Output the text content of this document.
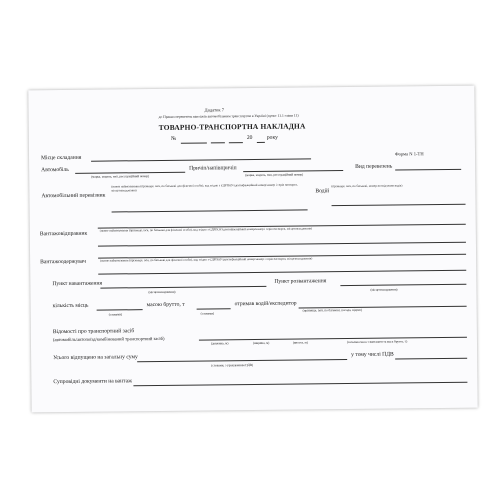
Додаток 7
до Правил перевезень вантажів автомобільним транспортом в Україні (пункт 11.1 глави 11)
ТОВАРНО-ТРАНСПОРТНА НАКЛАДНА
№	20	року
Місце складання
Форма N 1-ТН
Автомобіль
(марка, модель, тип, реєстраційний номер)
Причіп/напівпричіп
(марка, модель, тип, реєстраційний номер)
Вид перевезень
Автомобільний перевізник
(повне найменування (прізвище, ім'я, по батькові для фізичної особи), код згідно з ЄДРПОУ/ідентифікаційний номер/номер і серія паспорта, місцезнаходження)	Водій
(прізвище, ім'я, по батькові, номер посвідчення водія)
Вантажовідправник
(повне найменування (прізвище, ім'я, по батькові для фізичної особи), код згідно з ЄДРПОУ/ідентифікаційний номер/номер і серія паспорта, місцезнаходження)
Вантажоодержувач	(повне найменування (прізвище, ім'я, по батькові для фізичної особи), код згідно з ЄДРПОУ/ідентифікаційний номер/номер і серія паспорта, місцезнаходження)
Пункт навантаження
(місцезнаходження)
Пункт розвантаження
(місцезнаходження)
кількість місць
(словами)
масою брутто, т
(словами)
отримав водій/експедитор
(прізвище, ім'я, по батькові, посада, підпис)
Відомості про транспортний засіб
(автомобіль/автопоїзд/комбінований транспортний засіб)
(довжина, м)	(ширина, м)	(висота, м)	(загальна маса з вантажем та маса брутто, т)
Усього відпущено на загальну суму
(словами, з урахуванням ПДВ)
у тому числі ПДВ
Супровідні документи на вантаж
